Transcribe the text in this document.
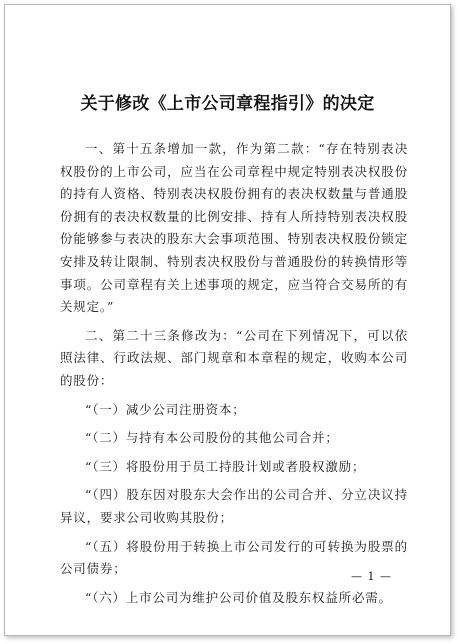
关于修改《上市公司章程指引》的决定

一、第十五条增加一款，作为第二款：“存在特别表决权股份的上市公司，应当在公司章程中规定特别表决权股份的持有人资格、特别表决权股份拥有的表决权数量与普通股份拥有的表决权数量的比例安排、持有人所持特别表决权股份能够参与表决的股东大会事项范围、特别表决权股份锁定安排及转让限制、特别表决权股份与普通股份的转换情形等事项。公司章程有关上述事项的规定，应当符合交易所的有关规定。”

二、第二十三条修改为：“公司在下列情况下，可以依照法律、行政法规、部门规章和本章程的规定，收购本公司的股份：

“（一）减少公司注册资本；

“（二）与持有本公司股份的其他公司合并；

“（三）将股份用于员工持股计划或者股权激励；

“（四）股东因对股东大会作出的公司合并、分立决议持异议，要求公司收购其股份；

“（五）将股份用于转换上市公司发行的可转换为股票的公司债券；

“（六）上市公司为维护公司价值及股东权益所必需。

— 1 —
